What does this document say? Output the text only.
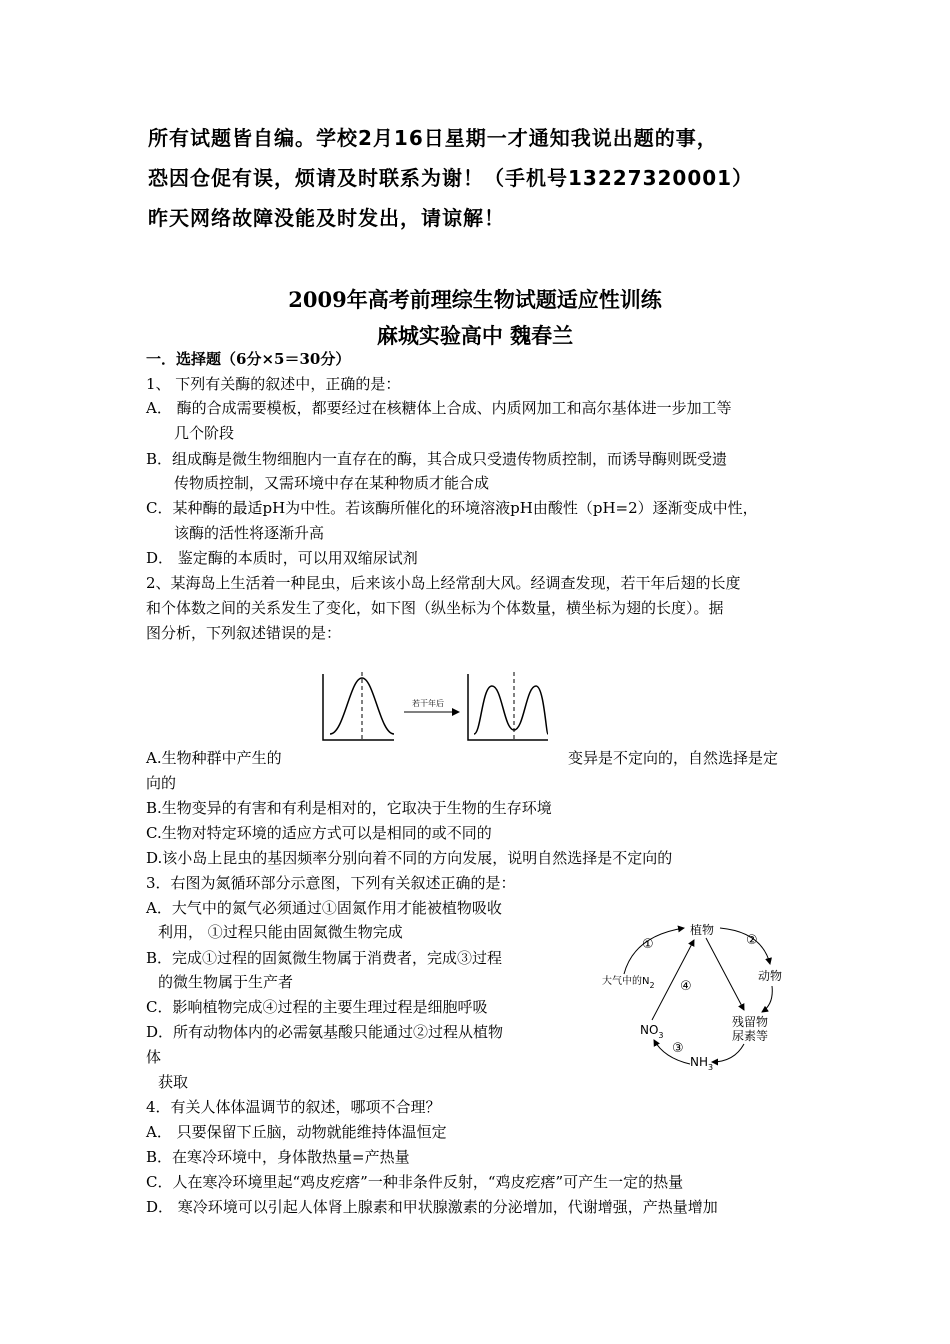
所有试题皆自编。学校2月16日星期一才通知我说出题的事，
恐因仓促有误，烦请及时联系为谢！（手机号13227320001）
昨天网络故障没能及时发出，请谅解！
2009年高考前理综生物试题适应性训练
麻城实验高中 魏春兰
一．选择题（6分×5＝30分）
1、 下列有关酶的叙述中，正确的是：
A． 酶的合成需要模板，都要经过在核糖体上合成、内质网加工和高尔基体进一步加工等
几个阶段
B．组成酶是微生物细胞内一直存在的酶，其合成只受遗传物质控制，而诱导酶则既受遗
传物质控制，又需环境中存在某种物质才能合成
C．某种酶的最适pH为中性。若该酶所催化的环境溶液pH由酸性（pH=2）逐渐变成中性，
该酶的活性将逐渐升高
D． 鉴定酶的本质时，可以用双缩尿试剂
2、某海岛上生活着一种昆虫，后来该小岛上经常刮大风。经调查发现，若干年后翅的长度
和个体数之间的关系发生了变化，如下图（纵坐标为个体数量，横坐标为翅的长度）。据
图分析，下列叙述错误的是：
若干年后
A.生物种群中产生的	变异是不定向的，自然选择是定
向的
B.生物变异的有害和有利是相对的，它取决于生物的生存环境
C.生物对特定环境的适应方式可以是相同的或不同的
D.该小岛上昆虫的基因频率分别向着不同的方向发展，说明自然选择是不定向的
3．右图为氮循环部分示意图，下列有关叙述正确的是：
A．大气中的氮气必须通过①固氮作用才能被植物吸收
利用， ①过程只能由固氮微生物完成
B．完成①过程的固氮微生物属于消费者，完成③过程
的微生物属于生产者
C．影响植物完成④过程的主要生理过程是细胞呼吸
D．所有动物体内的必需氨基酸只能通过②过程从植物
体
获取
植物
动物
残留物
尿素等
大气中的$N_2$
$NO_3$
$NH_3$
①	②
③
④
4．有关人体体温调节的叙述，哪项不合理？
A． 只要保留下丘脑，动物就能维持体温恒定
B．在寒冷环境中，身体散热量=产热量
C．人在寒冷环境里起“鸡皮疙瘩”一种非条件反射，“鸡皮疙瘩”可产生一定的热量
D． 寒冷环境可以引起人体肾上腺素和甲状腺激素的分泌增加，代谢增强，产热量增加
